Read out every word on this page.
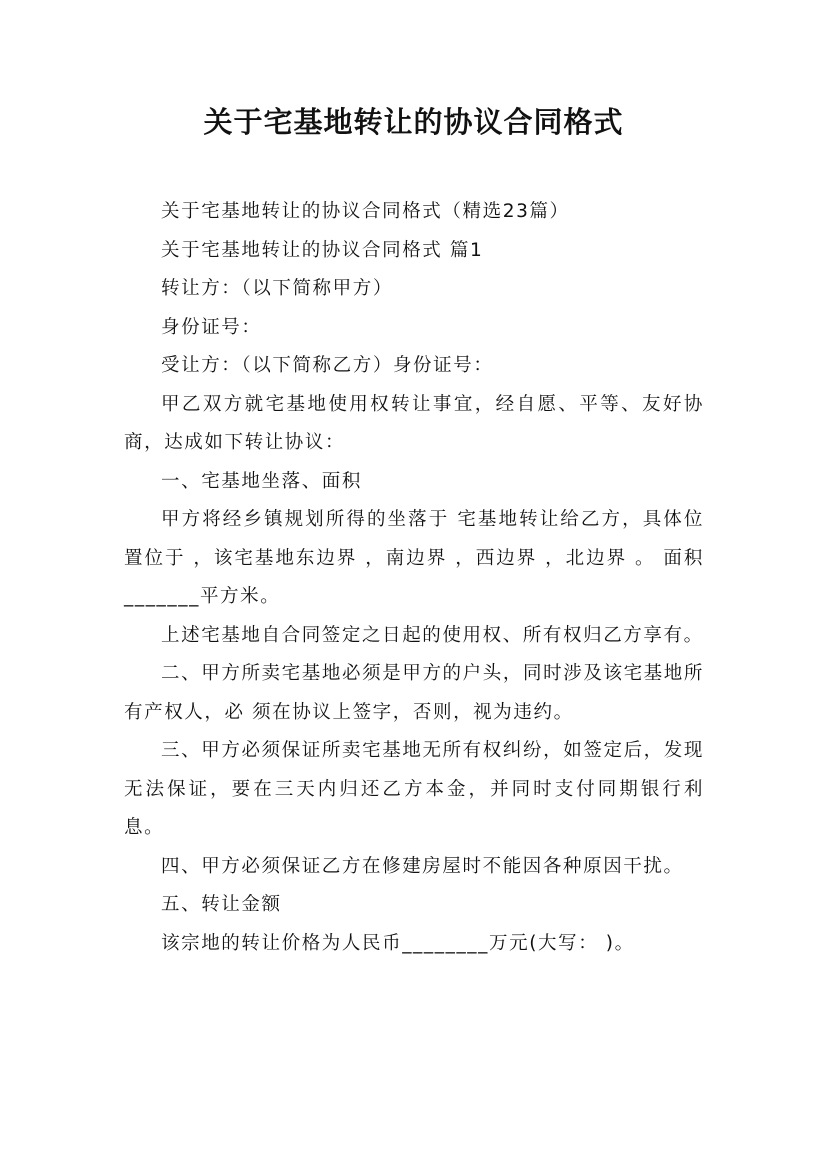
关于宅基地转让的协议合同格式

关于宅基地转让的协议合同格式（精选23篇）

关于宅基地转让的协议合同格式 篇1

转让方：（以下简称甲方）

身份证号：

受让方：（以下简称乙方）身份证号：

甲乙双方就宅基地使用权转让事宜，经自愿、平等、友好协商，达成如下转让协议：

一、宅基地坐落、面积

甲方将经乡镇规划所得的坐落于 宅基地转让给乙方，具体位置位于 ，该宅基地东边界 ，南边界 ，西边界 ，北边界 。 面积_______平方米。

上述宅基地自合同签定之日起的使用权、所有权归乙方享有。

二、甲方所卖宅基地必须是甲方的户头，同时涉及该宅基地所有产权人，必 须在协议上签字，否则，视为违约。

三、甲方必须保证所卖宅基地无所有权纠纷，如签定后，发现无法保证，要在三天内归还乙方本金，并同时支付同期银行利息。

四、甲方必须保证乙方在修建房屋时不能因各种原因干扰。

五、转让金额

该宗地的转让价格为人民币________万元(大写： )。
